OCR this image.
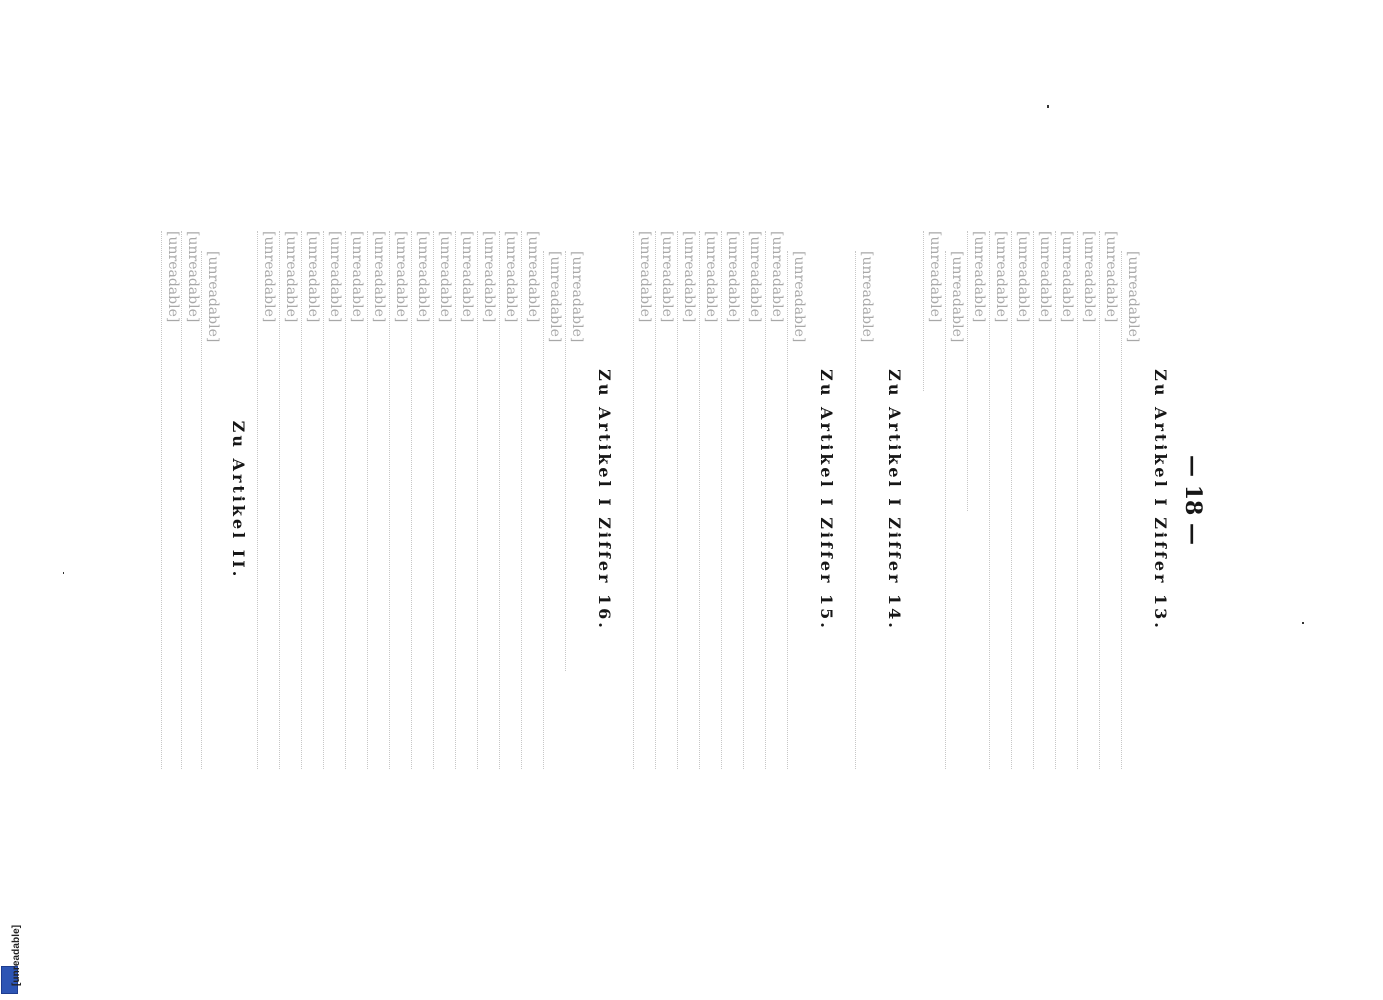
[unreadable]
— 18 —
Zu Artikel I Ziffer 13.
[unreadable]
[unreadable]
[unreadable]
[unreadable]
[unreadable]
[unreadable]
[unreadable]
[unreadable]
[unreadable]
[unreadable]
Zu Artikel I Ziffer 14.
[unreadable]
Zu Artikel I Ziffer 15.
[unreadable]
[unreadable]
[unreadable]
[unreadable]
[unreadable]
[unreadable]
[unreadable]
[unreadable]
Zu Artikel I Ziffer 16.
[unreadable]
[unreadable]
[unreadable]
[unreadable]
[unreadable]
[unreadable]
[unreadable]
[unreadable]
[unreadable]
[unreadable]
[unreadable]
[unreadable]
[unreadable]
[unreadable]
[unreadable]
Zu Artikel II.
[unreadable]
[unreadable]
[unreadable]
